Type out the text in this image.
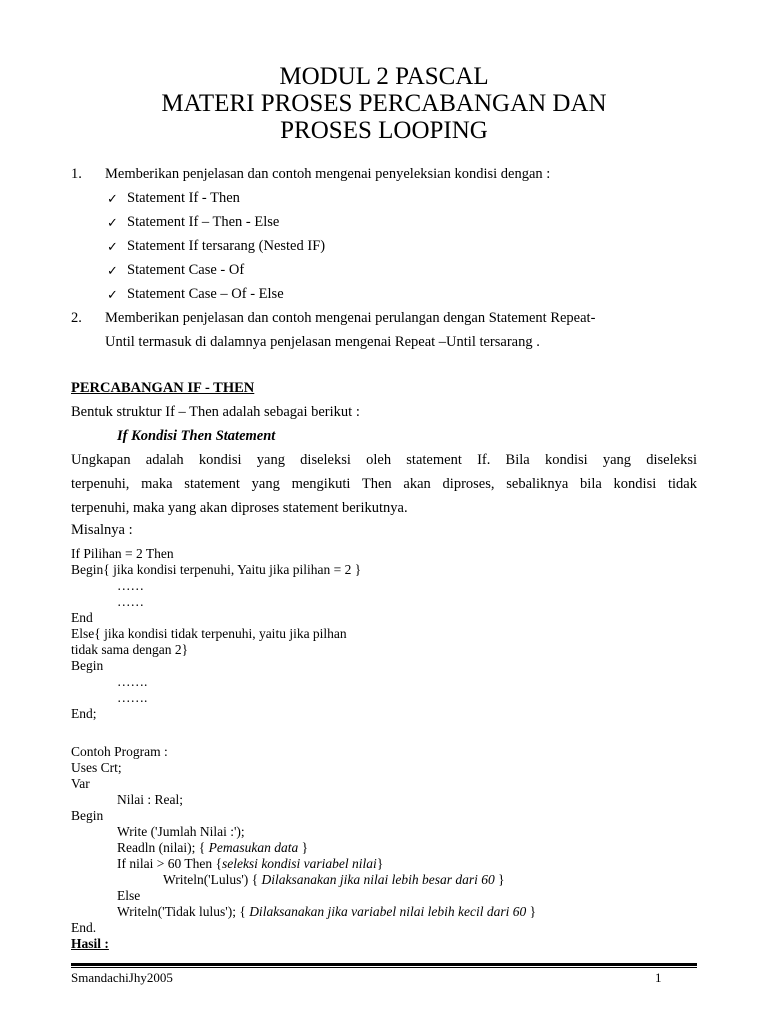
MODUL 2 PASCAL
MATERI PROSES PERCABANGAN DAN
PROSES LOOPING
1. Memberikan penjelasan dan contoh mengenai penyeleksian kondisi dengan :
✓ Statement If - Then
✓ Statement If – Then - Else
✓ Statement If tersarang (Nested IF)
✓ Statement Case - Of
✓ Statement Case – Of - Else
2. Memberikan penjelasan dan contoh mengenai perulangan dengan Statement Repeat-
Until termasuk di dalamnya penjelasan mengenai Repeat –Until tersarang .
PERCABANGAN IF - THEN
Bentuk struktur If – Then adalah sebagai berikut :
If Kondisi Then Statement
Ungkapan adalah kondisi yang diseleksi oleh statement If. Bila kondisi yang diseleksi
terpenuhi, maka statement yang mengikuti Then akan diproses, sebaliknya bila kondisi tidak
terpenuhi, maka yang akan diproses statement berikutnya.
Misalnya :
If Pilihan = 2 Then
Begin{ jika kondisi terpenuhi, Yaitu jika pilihan = 2 }
……
……
End
Else{ jika kondisi tidak terpenuhi, yaitu jika pilhan
tidak sama dengan 2}
Begin
…….
…….
End;
Contoh Program :
Uses Crt;
Var
Nilai : Real;
Begin
Write ('Jumlah Nilai :');
Readln (nilai); { Pemasukan data }
If nilai > 60 Then {seleksi kondisi variabel nilai}
Writeln('Lulus') { Dilaksanakan jika nilai lebih besar dari 60 }
Else
Writeln('Tidak lulus'); { Dilaksanakan jika variabel nilai lebih kecil dari 60 }
End.
Hasil :
SmandachiJhy2005	1
